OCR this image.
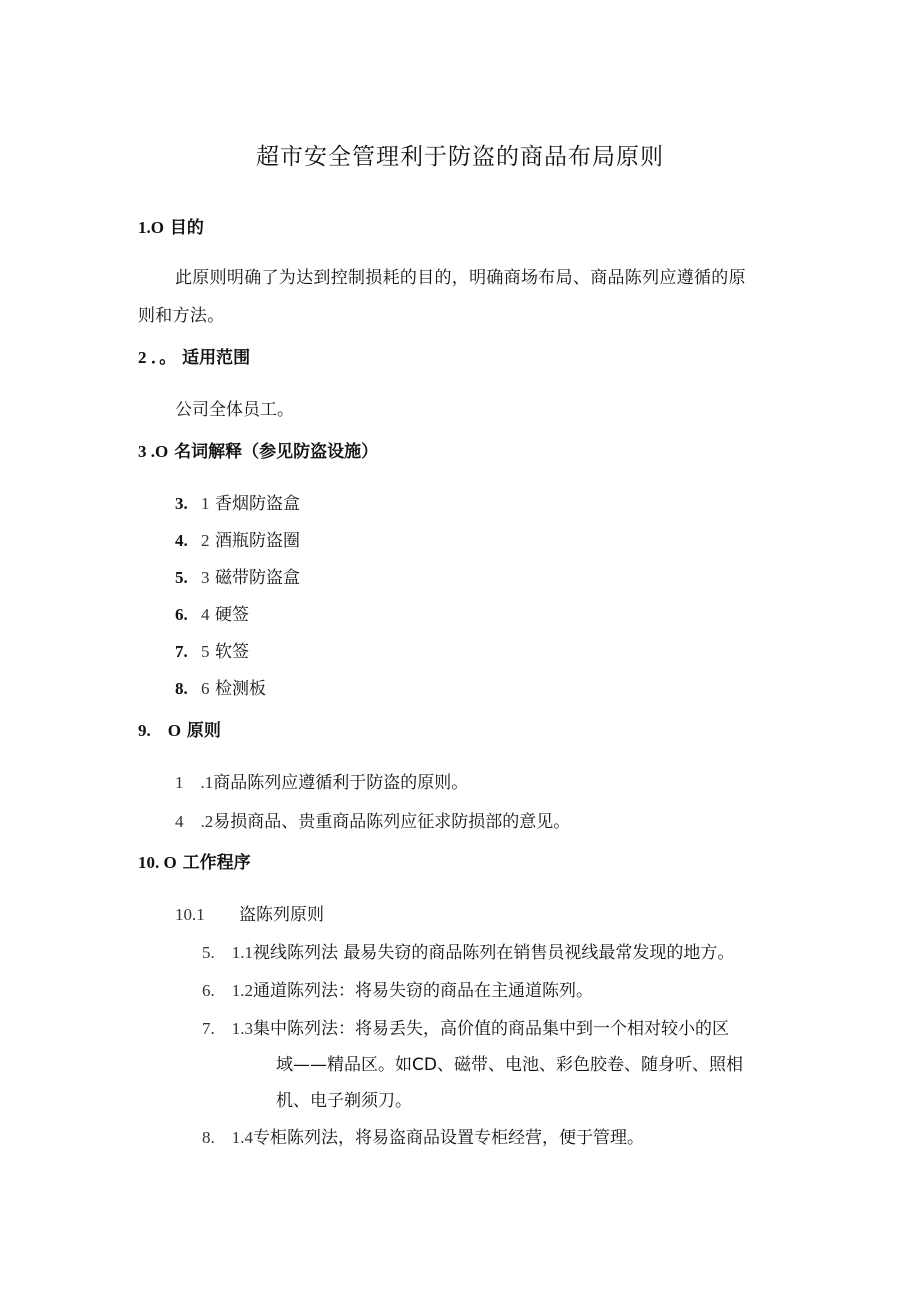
超市安全管理利于防盗的商品布局原则
1.O 目的
此原则明确了为达到控制损耗的目的，明确商场布局、商品陈列应遵循的原
则和方法。
2 ．。 适用范围
公司全体员工。
3 .O 名词解释（参见防盗设施）
3. 1 香烟防盗盒
4. 2 酒瓶防盗圈
5. 3 磁带防盗盒
6. 4 硬签
7. 5 软签
8. 6 检测板
9.　O 原则
1　.1商品陈列应遵循利于防盗的原则。
4　.2易损商品、贵重商品陈列应征求防损部的意见。
10. O 工作程序
10.1 盗陈列原则
5.　1.1视线陈列法 最易失窃的商品陈列在销售员视线最常发现的地方。
6.　1.2通道陈列法：将易失窃的商品在主通道陈列。
7.　1.3集中陈列法：将易丢失，高价值的商品集中到一个相对较小的区
域——精品区。如CD、磁带、电池、彩色胶卷、随身听、照相
机、电子剃须刀。
8.　1.4专柜陈列法，将易盗商品设置专柜经营，便于管理。
